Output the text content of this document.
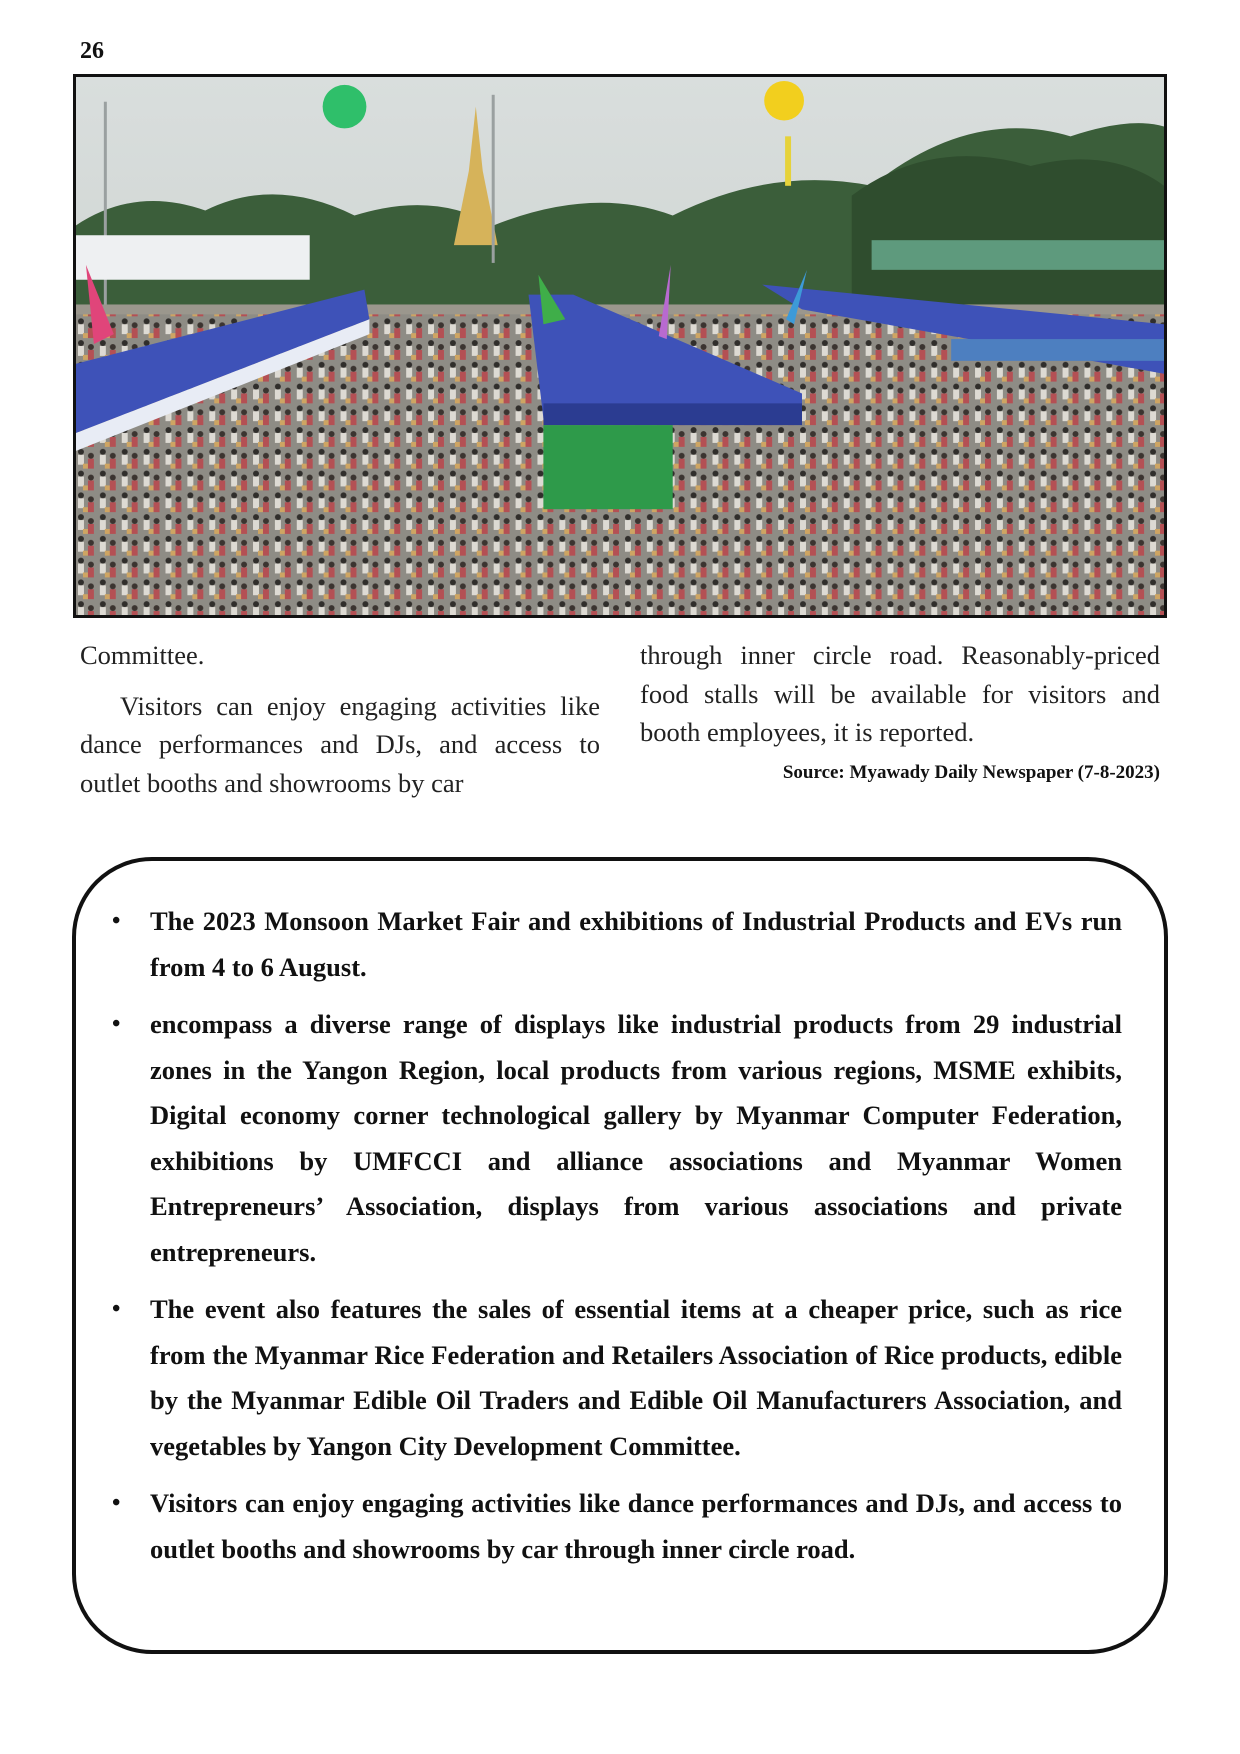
26

Committee.

Visitors can enjoy engaging activities like dance performances and DJs, and access to outlet booths and showrooms by car

through inner circle road. Reasonably-priced food stalls will be available for visitors and booth employees, it is reported.

Source: Myawady Daily Newspaper (7-8-2023)
• The 2023 Monsoon Market Fair and exhibitions of Industrial Products and EVs run from 4 to 6 August.
• encompass a diverse range of displays like industrial products from 29 industrial zones in the Yangon Region, local products from various regions, MSME exhibits, Digital economy corner technological gallery by Myanmar Computer Federation, exhibitions by UMFCCI and alliance associations and Myanmar Women Entrepreneurs’ Association, displays from various associations and private entrepreneurs.
• The event also features the sales of essential items at a cheaper price, such as rice from the Myanmar Rice Federation and Retailers Association of Rice products, edible by the Myanmar Edible Oil Traders and Edible Oil Manufacturers Association, and vegetables by Yangon City Development Committee.
• Visitors can enjoy engaging activities like dance performances and DJs, and access to outlet booths and showrooms by car through inner circle road.
